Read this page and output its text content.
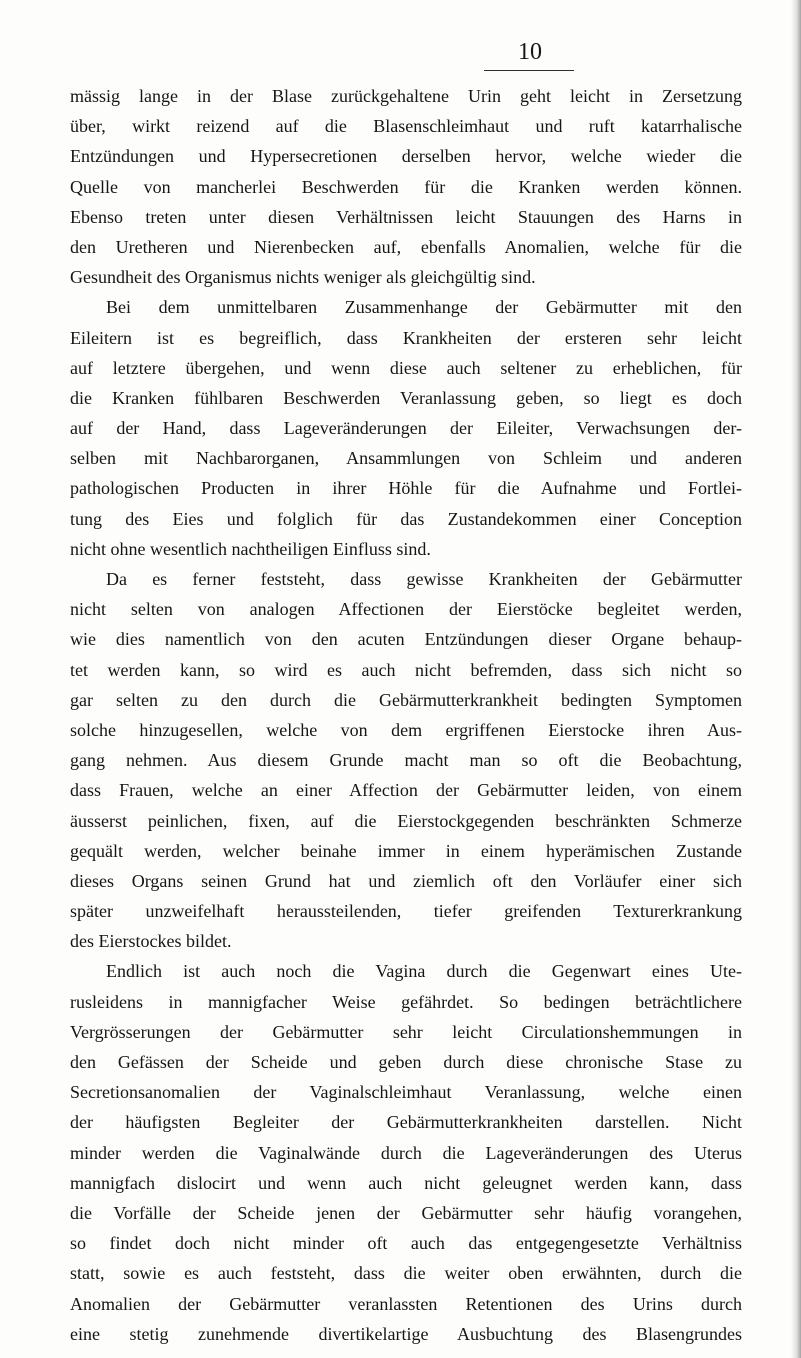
10
mässig lange in der Blase zurückgehaltene Urin geht leicht in Zersetzung
über, wirkt reizend auf die Blasenschleimhaut und ruft katarrhalische
Entzündungen und Hypersecretionen derselben hervor, welche wieder die
Quelle von mancherlei Beschwerden für die Kranken werden können.
Ebenso treten unter diesen Verhältnissen leicht Stauungen des Harns in
den Uretheren und Nierenbecken auf, ebenfalls Anomalien, welche für die
Gesundheit des Organismus nichts weniger als gleichgültig sind.
Bei dem unmittelbaren Zusammenhange der Gebärmutter mit den
Eileitern ist es begreiflich, dass Krankheiten der ersteren sehr leicht
auf letztere übergehen, und wenn diese auch seltener zu erheblichen, für
die Kranken fühlbaren Beschwerden Veranlassung geben, so liegt es doch
auf der Hand, dass Lageveränderungen der Eileiter, Verwachsungen der-
selben mit Nachbarorganen, Ansammlungen von Schleim und anderen
pathologischen Producten in ihrer Höhle für die Aufnahme und Fortlei-
tung des Eies und folglich für das Zustandekommen einer Conception
nicht ohne wesentlich nachtheiligen Einfluss sind.
Da es ferner feststeht, dass gewisse Krankheiten der Gebärmutter
nicht selten von analogen Affectionen der Eierstöcke begleitet werden,
wie dies namentlich von den acuten Entzündungen dieser Organe behaup-
tet werden kann, so wird es auch nicht befremden, dass sich nicht so
gar selten zu den durch die Gebärmutterkrankheit bedingten Symptomen
solche hinzugesellen, welche von dem ergriffenen Eierstocke ihren Aus-
gang nehmen. Aus diesem Grunde macht man so oft die Beobachtung,
dass Frauen, welche an einer Affection der Gebärmutter leiden, von einem
äusserst peinlichen, fixen, auf die Eierstockgegenden beschränkten Schmerze
gequält werden, welcher beinahe immer in einem hyperämischen Zustande
dieses Organs seinen Grund hat und ziemlich oft den Vorläufer einer sich
später unzweifelhaft heraussteilenden, tiefer greifenden Texturerkrankung
des Eierstockes bildet.
Endlich ist auch noch die Vagina durch die Gegenwart eines Ute-
rusleidens in mannigfacher Weise gefährdet. So bedingen beträchtlichere
Vergrösserungen der Gebärmutter sehr leicht Circulationshemmungen in
den Gefässen der Scheide und geben durch diese chronische Stase zu
Secretionsanomalien der Vaginalschleimhaut Veranlassung, welche einen
der häufigsten Begleiter der Gebärmutterkrankheiten darstellen. Nicht
minder werden die Vaginalwände durch die Lageveränderungen des Uterus
mannigfach dislocirt und wenn auch nicht geleugnet werden kann, dass
die Vorfälle der Scheide jenen der Gebärmutter sehr häufig vorangehen,
so findet doch nicht minder oft auch das entgegengesetzte Verhältniss
statt, sowie es auch feststeht, dass die weiter oben erwähnten, durch die
Anomalien der Gebärmutter veranlassten Retentionen des Urins durch
eine stetig zunehmende divertikelartige Ausbuchtung des Blasengrundes
